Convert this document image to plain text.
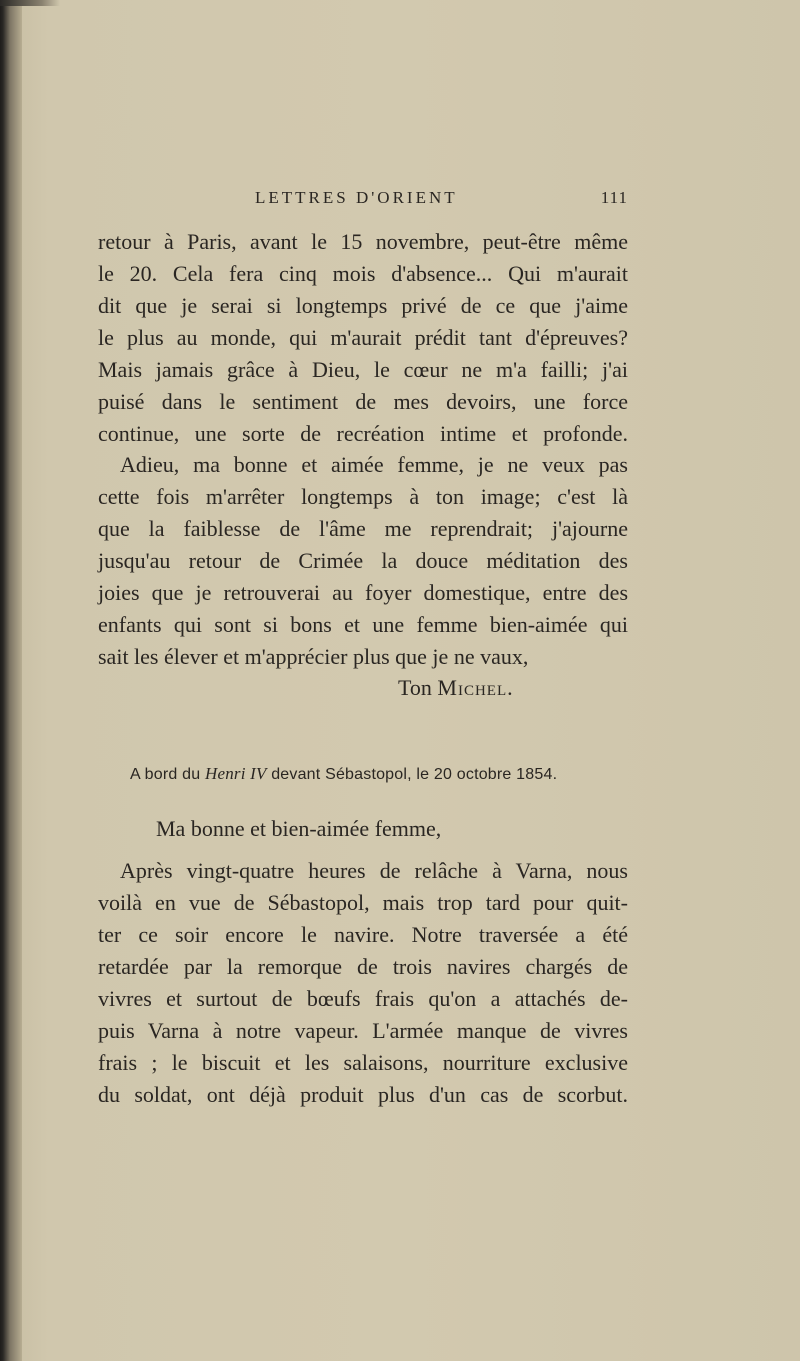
LETTRES D'ORIENT	111
retour à Paris, avant le 15 novembre, peut-être même
le 20. Cela fera cinq mois d'absence... Qui m'aurait
dit que je serai si longtemps privé de ce que j'aime
le plus au monde, qui m'aurait prédit tant d'épreuves?
Mais jamais grâce à Dieu, le cœur ne m'a failli; j'ai
puisé dans le sentiment de mes devoirs, une force
continue, une sorte de recréation intime et profonde.
Adieu, ma bonne et aimée femme, je ne veux pas
cette fois m'arrêter longtemps à ton image; c'est là
que la faiblesse de l'âme me reprendrait; j'ajourne
jusqu'au retour de Crimée la douce méditation des
joies que je retrouverai au foyer domestique, entre des
enfants qui sont si bons et une femme bien-aimée qui
sait les élever et m'apprécier plus que je ne vaux,
Ton Michel.
A bord du Henri IV devant Sébastopol, le 20 octobre 1854.
Ma bonne et bien-aimée femme,
Après vingt-quatre heures de relâche à Varna, nous
voilà en vue de Sébastopol, mais trop tard pour quit-
ter ce soir encore le navire. Notre traversée a été
retardée par la remorque de trois navires chargés de
vivres et surtout de bœufs frais qu'on a attachés de-
puis Varna à notre vapeur. L'armée manque de vivres
frais ; le biscuit et les salaisons, nourriture exclusive
du soldat, ont déjà produit plus d'un cas de scorbut.
